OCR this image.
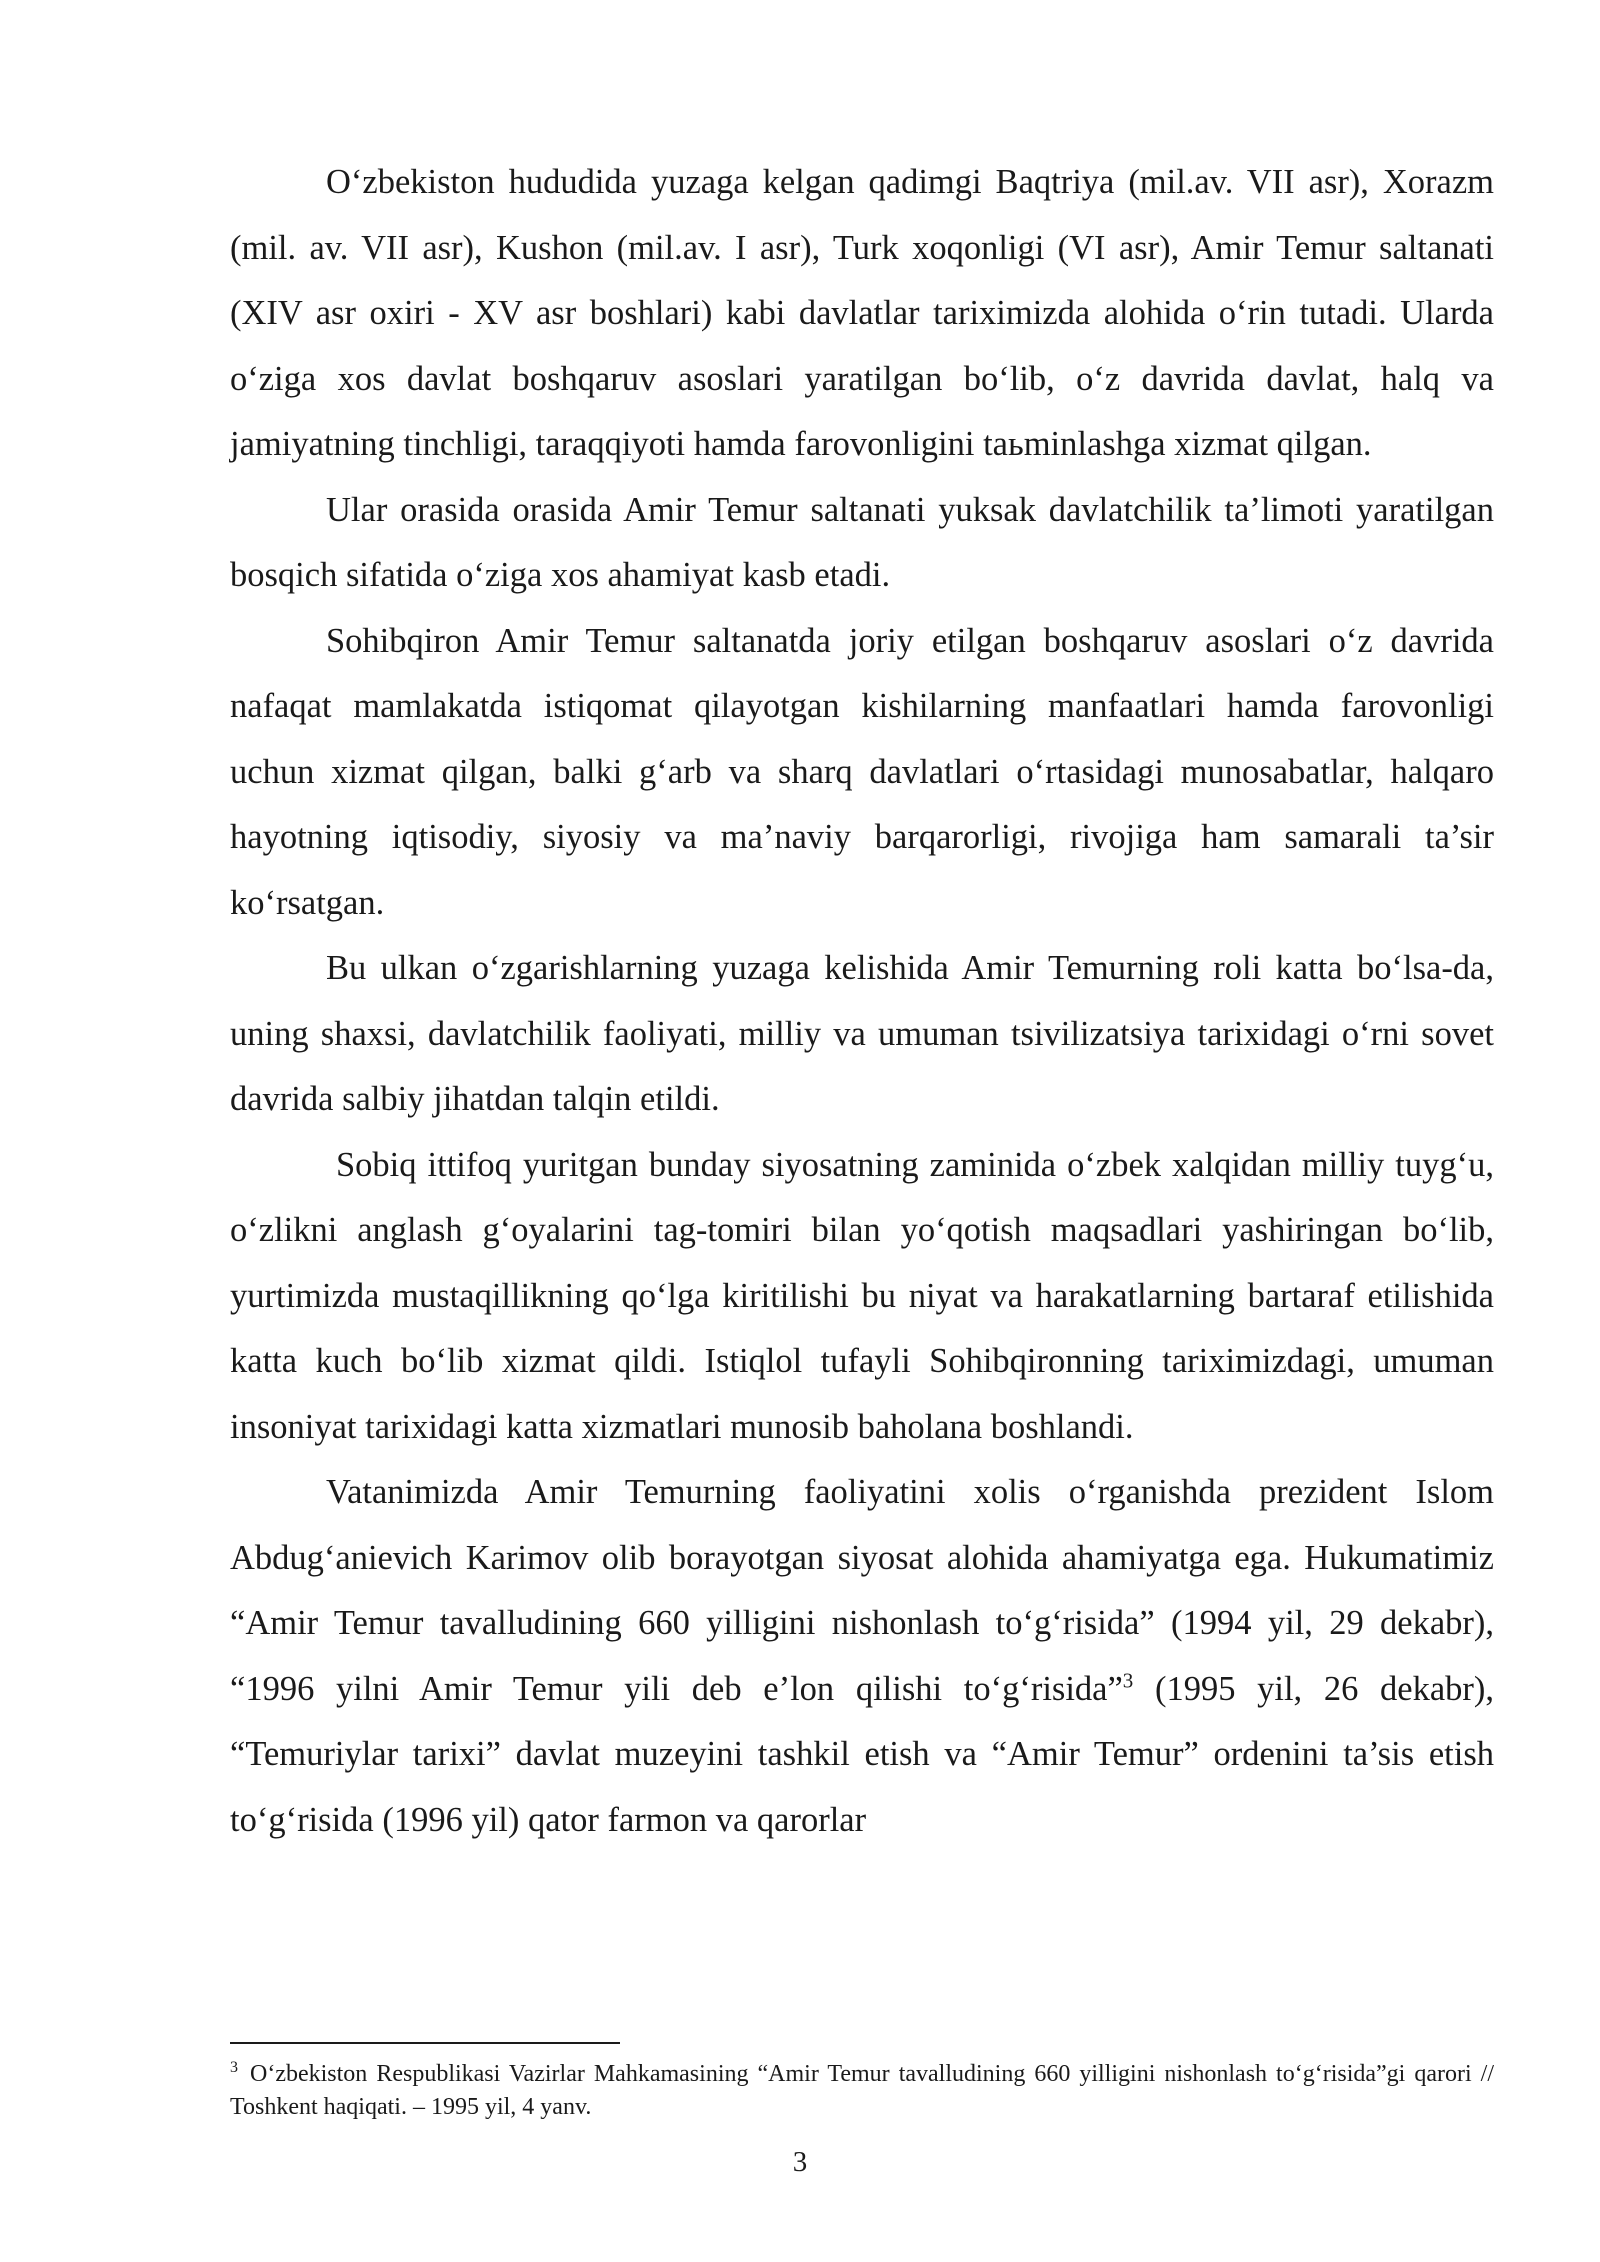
O‘zbekiston hududida yuzaga kelgan qadimgi Baqtriya (mil.av. VII asr), Xorazm (mil. av. VII asr), Kushon (mil.av. I asr), Turk xoqonligi (VI asr), Amir Temur saltanati (XIV asr oxiri - XV asr boshlari) kabi davlatlar tariximizda alohida o‘rin tutadi. Ularda o‘ziga xos davlat boshqaruv asoslari yaratilgan bo‘lib, o‘z davrida davlat, halq va jamiyatning tinchligi, taraqqiyoti hamda farovonligini taьminlashga xizmat qilgan.

Ular orasida orasida Amir Temur saltanati yuksak davlatchilik ta’limoti yaratilgan bosqich sifatida o‘ziga xos ahamiyat kasb etadi.

Sohibqiron Amir Temur saltanatda joriy etilgan boshqaruv asoslari o‘z davrida nafaqat mamlakatda istiqomat qilayotgan kishilarning manfaatlari hamda farovonligi uchun xizmat qilgan, balki g‘arb va sharq davlatlari o‘rtasidagi munosabatlar, halqaro hayotning iqtisodiy, siyosiy va ma’naviy barqarorligi, rivojiga ham samarali ta’sir ko‘rsatgan.

Bu ulkan o‘zgarishlarning yuzaga kelishida Amir Temurning roli katta bo‘lsa-da, uning shaxsi, davlatchilik faoliyati, milliy va umuman tsivilizatsiya tarixidagi o‘rni sovet davrida salbiy jihatdan talqin etildi.

Sobiq ittifoq yuritgan bunday siyosatning zaminida o‘zbek xalqidan milliy tuyg‘u, o‘zlikni anglash g‘oyalarini tag-tomiri bilan yo‘qotish maqsadlari yashiringan bo‘lib, yurtimizda mustaqillikning qo‘lga kiritilishi bu niyat va harakatlarning bartaraf etilishida katta kuch bo‘lib xizmat qildi. Istiqlol tufayli Sohibqironning tariximizdagi, umuman insoniyat tarixidagi katta xizmatlari munosib baholana boshlandi.

Vatanimizda Amir Temurning faoliyatini xolis o‘rganishda prezident Islom Abdug‘anievich Karimov olib borayotgan siyosat alohida ahamiyatga ega. Hukumatimiz “Amir Temur tavalludining 660 yilligini nishonlash to‘g‘risida” (1994 yil, 29 dekabr), “1996 yilni Amir Temur yili deb e’lon qilishi to‘g‘risida”$^3$ (1995 yil, 26 dekabr), “Temuriylar tarixi” davlat muzeyini tashkil etish va “Amir Temur” ordenini ta’sis etish to‘g‘risida (1996 yil) qator farmon va qarorlar

$^3$ O‘zbekiston Respublikasi Vazirlar Mahkamasining “Amir Temur tavalludining 660 yilligini nishonlash to‘g‘risida”gi qarori // Toshkent haqiqati. – 1995 yil, 4 yanv.

3
